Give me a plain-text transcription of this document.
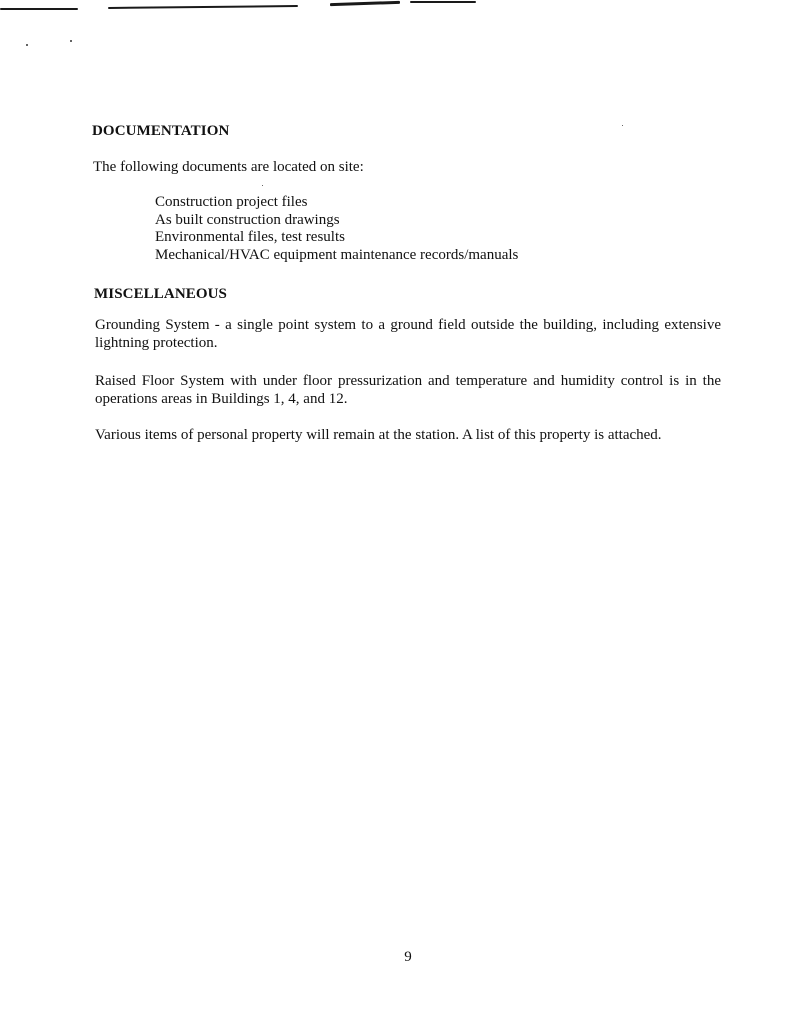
DOCUMENTATION
The following documents are located on site:
Construction project files
As built construction drawings
Environmental files, test results
Mechanical/HVAC equipment maintenance records/manuals
MISCELLANEOUS
Grounding System - a single point system to a ground field outside the building, including extensive lightning protection.
Raised Floor System with under floor pressurization and temperature and humidity control is in the operations areas in Buildings 1, 4, and 12.
Various items of personal property will remain at the station. A list of this property is attached.
9
